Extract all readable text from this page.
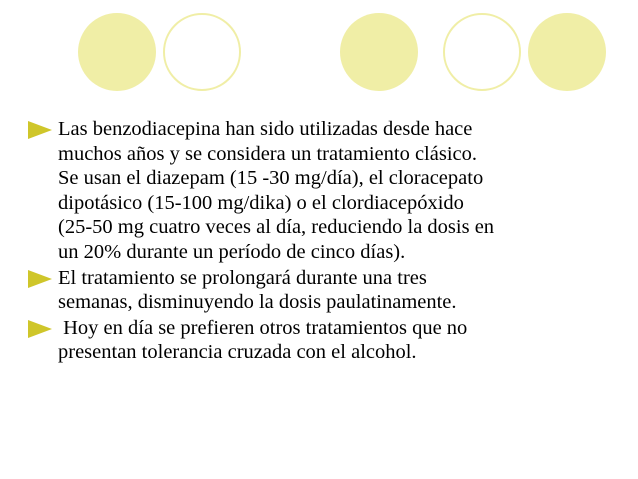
Las benzodiacepina han sido utilizadas desde hace
muchos años y se considera un tratamiento clásico.
Se usan el diazepam (15 -30 mg/día), el cloracepato
dipotásico (15-100 mg/dika) o el clordiacepóxido
(25-50 mg cuatro veces al día, reduciendo la dosis en
un 20% durante un período de cinco días).
El tratamiento se prolongará durante una tres
semanas, disminuyendo la dosis paulatinamente.
Hoy en día se prefieren otros tratamientos que no
presentan tolerancia cruzada con el alcohol.
